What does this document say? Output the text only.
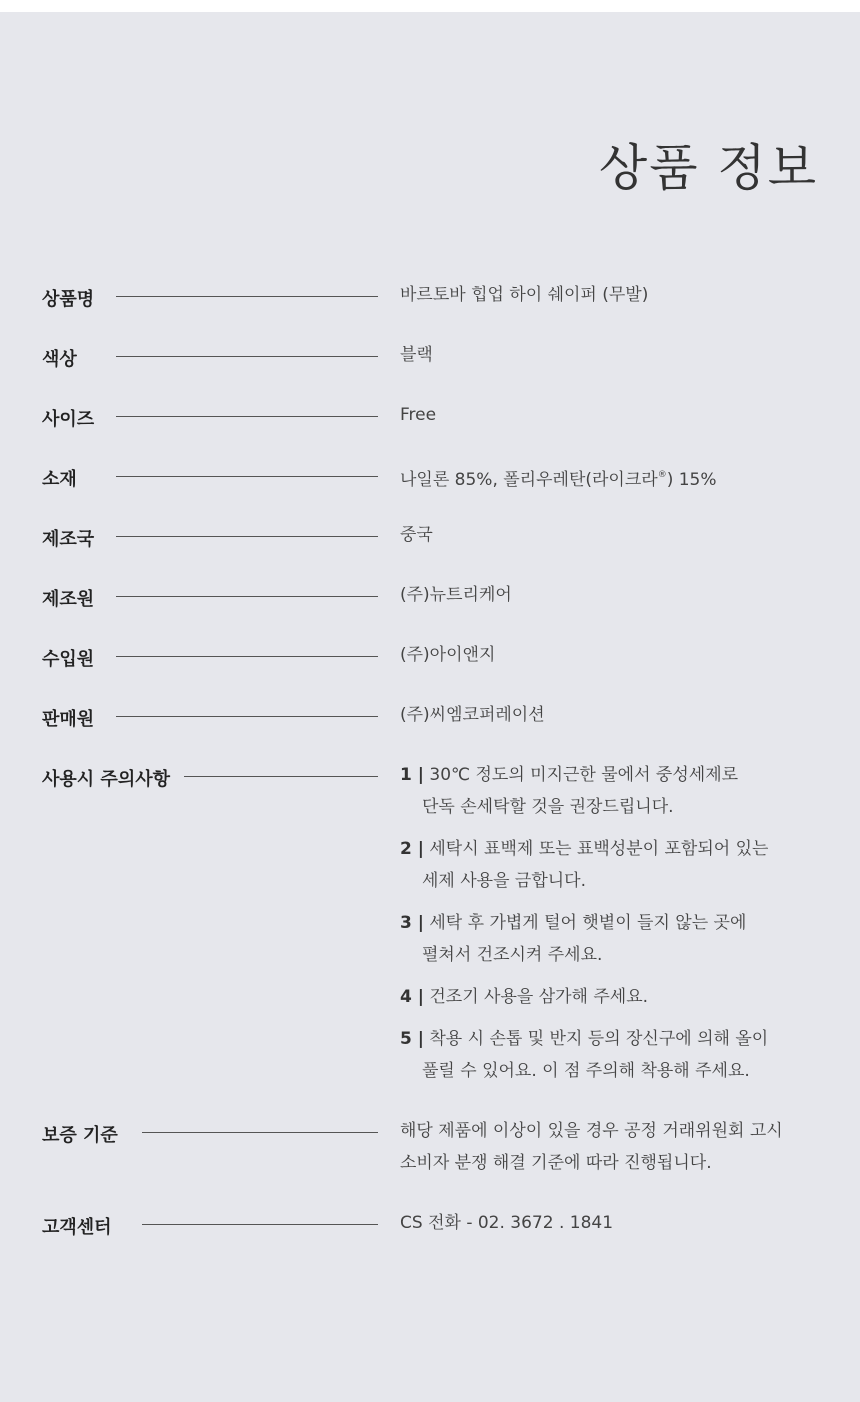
상품 정보
상품명	바르토바 힙업 하이 쉐이퍼 (무발)
색상	블랙
사이즈	Free
소재	나일론 85%, 폴리우레탄(라이크라®) 15%
제조국	중국
제조원	(주)뉴트리케어
수입원	(주)아이앤지
판매원	(주)씨엠코퍼레이션
사용시 주의사항	1 | 30℃ 정도의 미지근한 물에서 중성세제로
단독 손세탁할 것을 권장드립니다.
2 | 세탁시 표백제 또는 표백성분이 포함되어 있는
세제 사용을 금합니다.
3 | 세탁 후 가볍게 털어 햇볕이 들지 않는 곳에
펼쳐서 건조시켜 주세요.
4 | 건조기 사용을 삼가해 주세요.
5 | 착용 시 손톱 및 반지 등의 장신구에 의해 올이
풀릴 수 있어요. 이 점 주의해 착용해 주세요.
보증 기준	해당 제품에 이상이 있을 경우 공정 거래위원회 고시
소비자 분쟁 해결 기준에 따라 진행됩니다.
고객센터	CS 전화 - 02. 3672 . 1841
